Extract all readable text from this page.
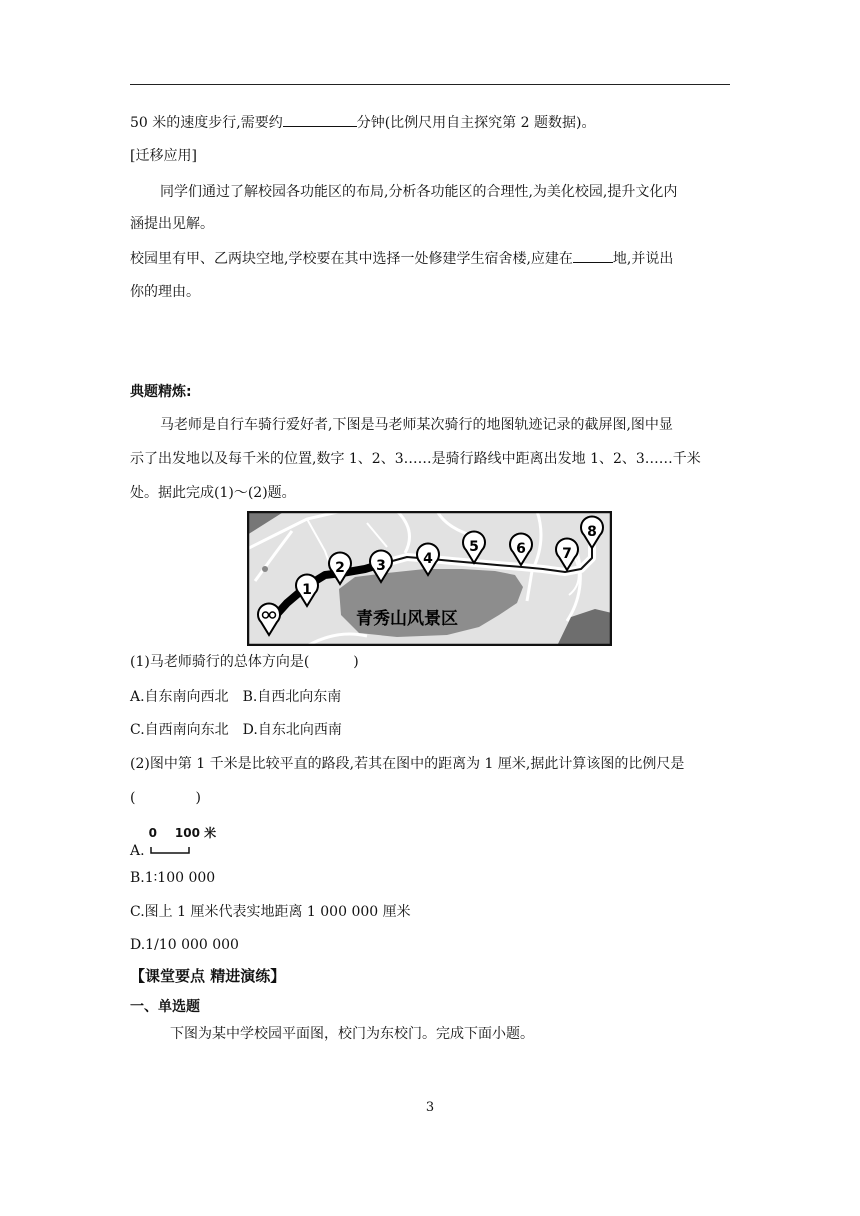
50 米的速度步行,需要约	分钟(比例尺用自主探究第 2 题数据)。
[迁移应用]
同学们通过了解校园各功能区的布局,分析各功能区的合理性,为美化校园,提升文化内
涵提出见解。
校园里有甲、乙两块空地,学校要在其中选择一处修建学生宿舍楼,应建在	地,并说出
你的理由。
典题精炼:
马老师是自行车骑行爱好者,下图是马老师某次骑行的地图轨迹记录的截屏图,图中显
示了出发地以及每千米的位置,数字 1、2、3……是骑行路线中距离出发地 1、2、3……千米
处。据此完成(1)～(2)题。
1
2 3	4
5	6	7
8
青秀山风景区
(1)马老师骑行的总体方向是(	)
A.自东南向西北 B.自西北向东南
C.自西南向东北 D.自东北向西南
(2)图中第 1 千米是比较平直的路段,若其在图中的距离为 1 厘米,据此计算该图的比例尺是
(	)
A.
0 100 米
B.1∶100 000
C.图上 1 厘米代表实地距离 1 000 000 厘米
D.1/10 000 000
【课堂要点 精进演练】
一、单选题
下图为某中学校园平面图，校门为东校门。完成下面小题。
3
